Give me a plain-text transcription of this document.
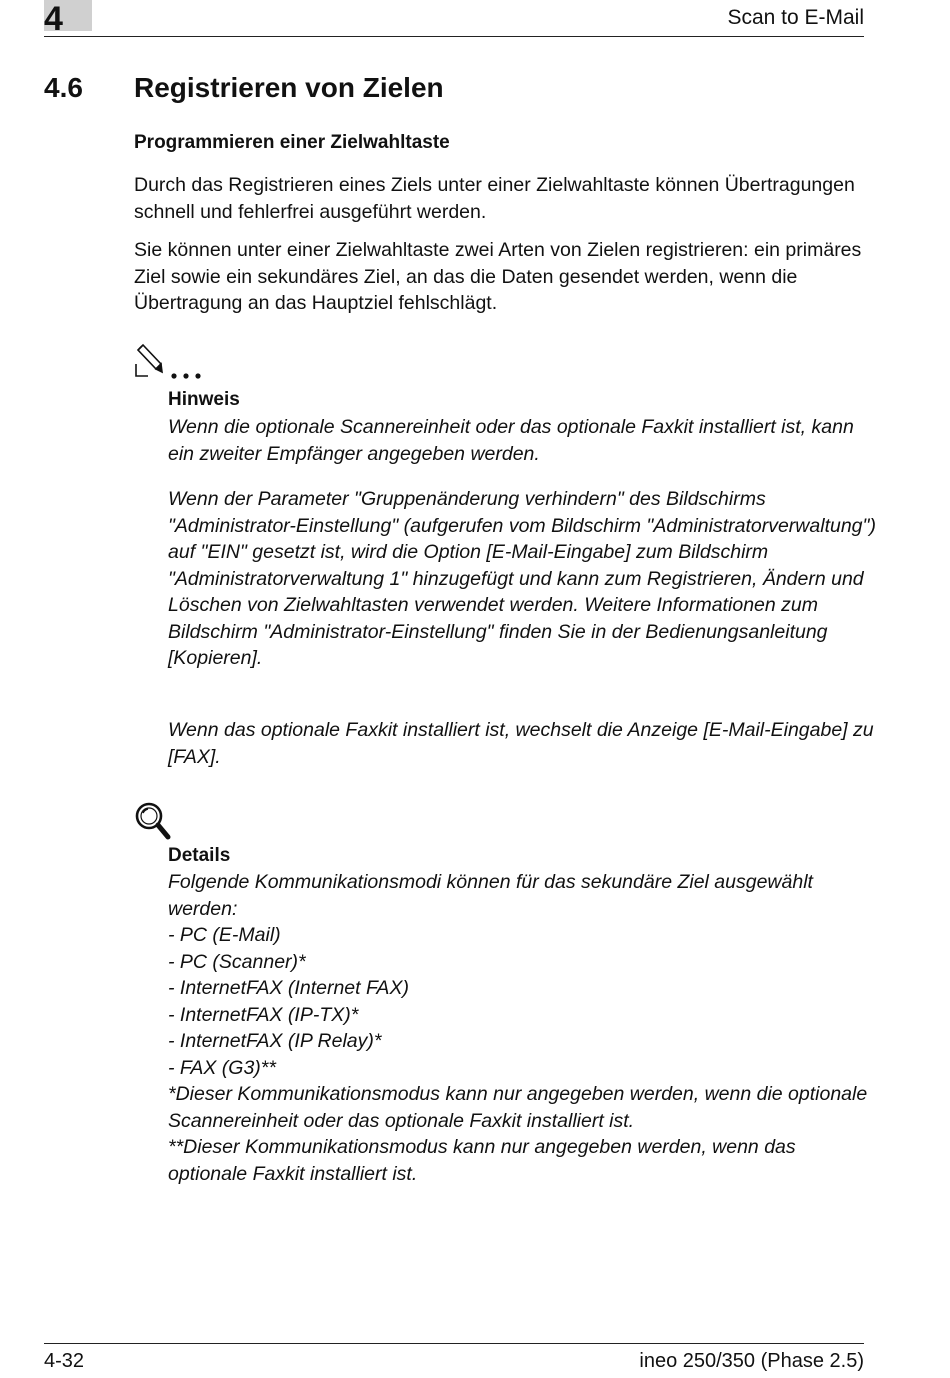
4	Scan to E-Mail
4.6 Registrieren von Zielen
Programmieren einer Zielwahltaste

Durch das Registrieren eines Ziels unter einer Zielwahltaste können Übertragungen schnell und fehlerfrei ausgeführt werden.

Sie können unter einer Zielwahltaste zwei Arten von Zielen registrieren: ein primäres Ziel sowie ein sekundäres Ziel, an das die Daten gesendet werden, wenn die Übertragung an das Hauptziel fehlschlägt.

Hinweis

Wenn die optionale Scannereinheit oder das optionale Faxkit installiert ist, kann ein zweiter Empfänger angegeben werden.

Wenn der Parameter "Gruppenänderung verhindern" des Bildschirms "Administrator-Einstellung" (aufgerufen vom Bildschirm "Administratorverwaltung") auf "EIN" gesetzt ist, wird die Option [E-Mail-Eingabe] zum Bildschirm "Administratorverwaltung 1" hinzugefügt und kann zum Registrieren, Ändern und Löschen von Zielwahltasten verwendet werden. Weitere Informationen zum Bildschirm "Administrator-Einstellung" finden Sie in der Bedienungsanleitung [Kopieren].

Wenn das optionale Faxkit installiert ist, wechselt die Anzeige [E-Mail-Eingabe] zu [FAX].

Details
Folgende Kommunikationsmodi können für das sekundäre Ziel ausgewählt werden:
- PC (E-Mail)
- PC (Scanner)*
- InternetFAX (Internet FAX)
- InternetFAX (IP-TX)*
- InternetFAX (IP Relay)*
- FAX (G3)**
*Dieser Kommunikationsmodus kann nur angegeben werden, wenn die optionale Scannereinheit oder das optionale Faxkit installiert ist.
**Dieser Kommunikationsmodus kann nur angegeben werden, wenn das optionale Faxkit installiert ist.
4-32	ineo 250/350 (Phase 2.5)
